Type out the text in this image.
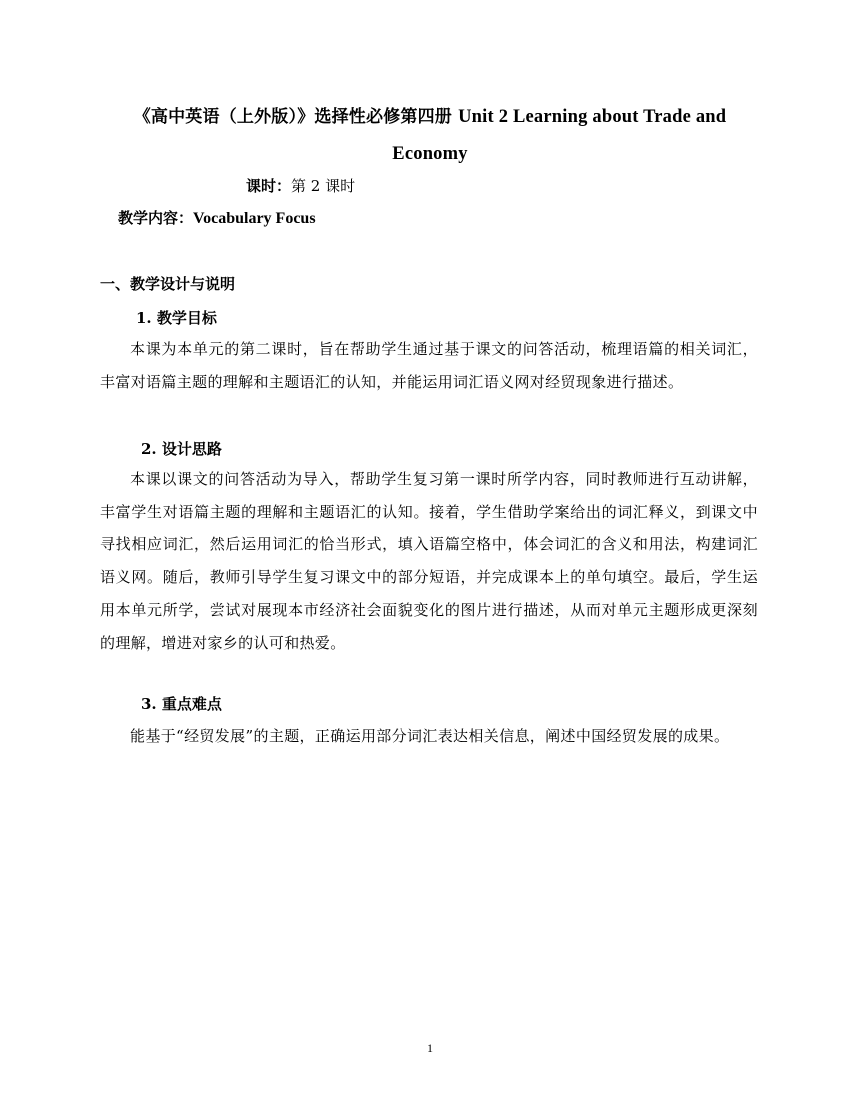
《高中英语（上外版）》选择性必修第四册 Unit 2 Learning about Trade and Economy
课时：第 2 课时
教学内容：Vocabulary Focus
一、教学设计与说明
1. 教学目标
本课为本单元的第二课时，旨在帮助学生通过基于课文的问答活动，梳理语篇的相关词汇，丰富对语篇主题的理解和主题语汇的认知，并能运用词汇语义网对经贸现象进行描述。
2. 设计思路
本课以课文的问答活动为导入，帮助学生复习第一课时所学内容，同时教师进行互动讲解，丰富学生对语篇主题的理解和主题语汇的认知。接着，学生借助学案给出的词汇释义，到课文中寻找相应词汇，然后运用词汇的恰当形式，填入语篇空格中，体会词汇的含义和用法，构建词汇语义网。随后，教师引导学生复习课文中的部分短语，并完成课本上的单句填空。最后，学生运用本单元所学，尝试对展现本市经济社会面貌变化的图片进行描述，从而对单元主题形成更深刻的理解，增进对家乡的认可和热爱。
3. 重点难点
能基于“经贸发展”的主题，正确运用部分词汇表达相关信息，阐述中国经贸发展的成果。
1
